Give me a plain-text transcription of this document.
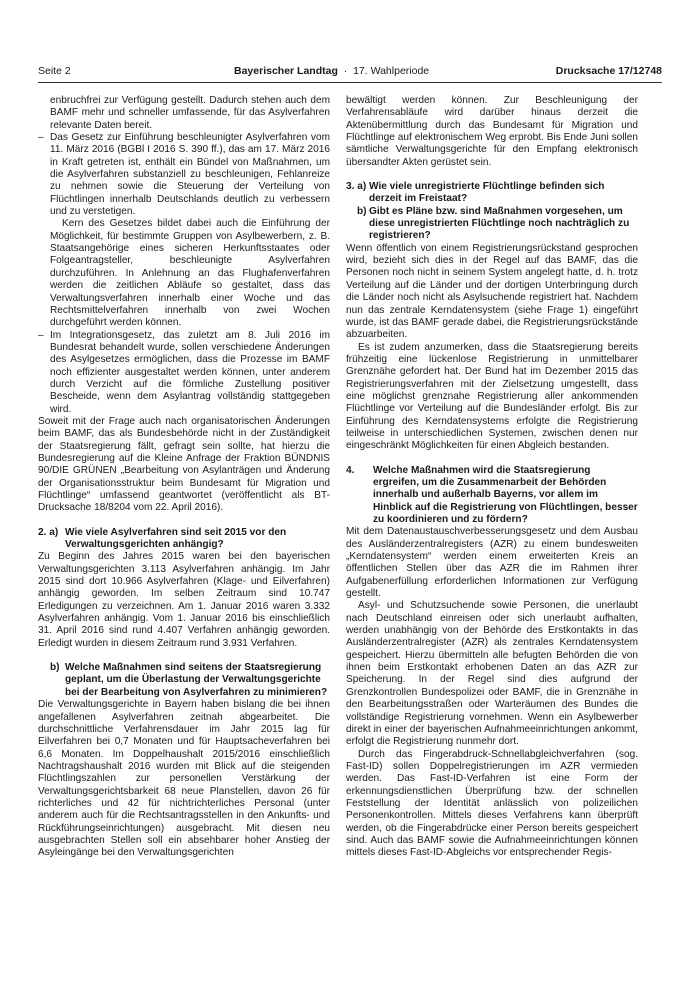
Seite 2	Bayerischer Landtag · 17. Wahlperiode	Drucksache 17/12748

enbruchfrei zur Verfügung gestellt. Dadurch stehen auch dem BAMF mehr und schneller umfassende, für das Asylverfahren relevante Daten bereit.

– Das Gesetz zur Einführung beschleunigter Asylverfahren vom 11. März 2016 (BGBl I 2016 S. 390 ff.), das am 17. März 2016 in Kraft getreten ist, enthält ein Bündel von Maßnahmen, um die Asylverfahren substanziell zu beschleunigen, Fehlanreize zu nehmen sowie die Steuerung der Verteilung von Flüchtlingen innerhalb Deutschlands deutlich zu verbessern und zu verstetigen.

Kern des Gesetzes bildet dabei auch die Einführung der Möglichkeit, für bestimmte Gruppen von Asylbewerbern, z. B. Staatsangehörige eines sicheren Herkunftsstaates oder Folgeantragsteller, beschleunigte Asylverfahren durchzuführen. In Anlehnung an das Flughafenverfahren werden die zeitlichen Abläufe so gestaltet, dass das Verwaltungsverfahren innerhalb einer Woche und das Rechtsmittelverfahren innerhalb von zwei Wochen durchgeführt werden können.

– Im Integrationsgesetz, das zuletzt am 8. Juli 2016 im Bundesrat behandelt wurde, sollen verschiedene Änderungen des Asylgesetzes ermöglichen, dass die Prozesse im BAMF noch effizienter ausgestaltet werden können, unter anderem durch Verzicht auf die förmliche Zustellung positiver Bescheide, wenn dem Asylantrag vollständig stattgegeben wird.

Soweit mit der Frage auch nach organisatorischen Änderungen beim BAMF, das als Bundesbehörde nicht in der Zuständigkeit der Staatsregierung fällt, gefragt sein sollte, hat hierzu die Bundesregierung auf die Kleine Anfrage der Fraktion BÜNDNIS 90/DIE GRÜNEN „Bearbeitung von Asylanträgen und Änderung der Organisationsstruktur beim Bundesamt für Migration und Flüchtlinge“ umfassend geantwortet (veröffentlicht als BT-Drucksache 18/8204 vom 22. April 2016).

2. a) Wie viele Asylverfahren sind seit 2015 vor den Verwaltungsgerichten anhängig?

Zu Beginn des Jahres 2015 waren bei den bayerischen Verwaltungsgerichten 3.113 Asylverfahren anhängig. Im Jahr 2015 sind dort 10.966 Asylverfahren (Klage- und Eilverfahren) anhängig geworden. Im selben Zeitraum sind 10.747 Erledigungen zu verzeichnen. Am 1. Januar 2016 waren 3.332 Asylverfahren anhängig. Vom 1. Januar 2016 bis einschließlich 31. April 2016 sind rund 4.407 Verfahren anhängig geworden. Erledigt wurden in diesem Zeitraum rund 3.931 Verfahren.

b) Welche Maßnahmen sind seitens der Staatsregierung geplant, um die Überlastung der Verwaltungsgerichte bei der Bearbeitung von Asylverfahren zu minimieren?

Die Verwaltungsgerichte in Bayern haben bislang die bei ihnen angefallenen Asylverfahren zeitnah abgearbeitet. Die durchschnittliche Verfahrensdauer im Jahr 2015 lag für Eilverfahren bei 0,7 Monaten und für Hauptsacheverfahren bei 6,6 Monaten. Im Doppelhaushalt 2015/2016 einschließlich Nachtragshaushalt 2016 wurden mit Blick auf die steigenden Flüchtlingszahlen zur personellen Verstärkung der Verwaltungsgerichtsbarkeit 68 neue Planstellen, davon 26 für richterliches und 42 für nichtrichterliches Personal (unter anderem auch für die Rechtsantragsstellen in den Ankunfts- und Rückführungseinrichtungen) ausgebracht. Mit diesen neu ausgebrachten Stellen soll ein absehbarer hoher Anstieg der Asyleingänge bei den Verwaltungsgerichten

bewältigt werden können. Zur Beschleunigung der Verfahrensabläufe wird darüber hinaus derzeit die Aktenübermittlung durch das Bundesamt für Migration und Flüchtlinge auf elektronischem Weg erprobt. Bis Ende Juni sollen sämtliche Verwaltungsgerichte für den Empfang elektronisch übersandter Akten gerüstet sein.

3. a) Wie viele unregistrierte Flüchtlinge befinden sich derzeit im Freistaat?

b) Gibt es Pläne bzw. sind Maßnahmen vorgesehen, um diese unregistrierten Flüchtlinge noch nachträglich zu registrieren?

Wenn öffentlich von einem Registrierungsrückstand gesprochen wird, bezieht sich dies in der Regel auf das BAMF, das die Personen noch nicht in seinem System angelegt hatte, d. h. trotz Verteilung auf die Länder und der dortigen Unterbringung durch die Länder noch nicht als Asylsuchende registriert hat. Nachdem nun das zentrale Kerndatensystem (siehe Frage 1) eingeführt wurde, ist das BAMF gerade dabei, die Registrierungsrückstände abzuarbeiten.

Es ist zudem anzumerken, dass die Staatsregierung bereits frühzeitig eine lückenlose Registrierung in unmittelbarer Grenznähe gefordert hat. Der Bund hat im Dezember 2015 das Registrierungsverfahren mit der Zielsetzung umgestellt, dass eine möglichst grenznahe Registrierung aller ankommenden Flüchtlinge vor Verteilung auf die Bundesländer erfolgt. Bis zur Einführung des Kerndatensystems erfolgte die Registrierung teilweise in unterschiedlichen Systemen, zwischen denen nur eingeschränkt Möglichkeiten für einen Abgleich bestanden.

4. Welche Maßnahmen wird die Staatsregierung ergreifen, um die Zusammenarbeit der Behörden innerhalb und außerhalb Bayerns, vor allem im Hinblick auf die Registrierung von Flüchtlingen, besser zu koordinieren und zu fördern?

Mit dem Datenaustauschverbesserungsgesetz und dem Ausbau des Ausländerzentralregisters (AZR) zu einem bundesweiten „Kerndatensystem“ werden einem erweiterten Kreis an öffentlichen Stellen über das AZR die im Rahmen ihrer Aufgabenerfüllung erforderlichen Informationen zur Verfügung gestellt.

Asyl- und Schutzsuchende sowie Personen, die unerlaubt nach Deutschland einreisen oder sich unerlaubt aufhalten, werden unabhängig von der Behörde des Erstkontakts in das Ausländerzentralregister (AZR) als zentrales Kerndatensystem gespeichert. Hierzu übermitteln alle befugten Behörden die von ihnen beim Erstkontakt erhobenen Daten an das AZR zur Speicherung. In der Regel sind dies aufgrund der Grenzkontrollen Bundespolizei oder BAMF, die in Grenznähe in den Bearbeitungsstraßen oder Warteräumen des Bundes die vollständige Registrierung vornehmen. Wenn ein Asylbewerber direkt in einer der bayerischen Aufnahmeeinrichtungen ankommt, erfolgt die Registrierung nunmehr dort.

Durch das Fingerabdruck-Schnellabgleichverfahren (sog. Fast-ID) sollen Doppelregistrierungen im AZR vermieden werden. Das Fast-ID-Verfahren ist eine Form der erkennungsdienstlichen Überprüfung bzw. der schnellen Feststellung der Identität anlässlich von polizeilichen Personenkontrollen. Mittels dieses Verfahrens kann überprüft werden, ob die Fingerabdrücke einer Person bereits gespeichert sind. Auch das BAMF sowie die Aufnahmeeinrichtungen können mittels dieses Fast-ID-Abgleichs vor entsprechender Regis-
